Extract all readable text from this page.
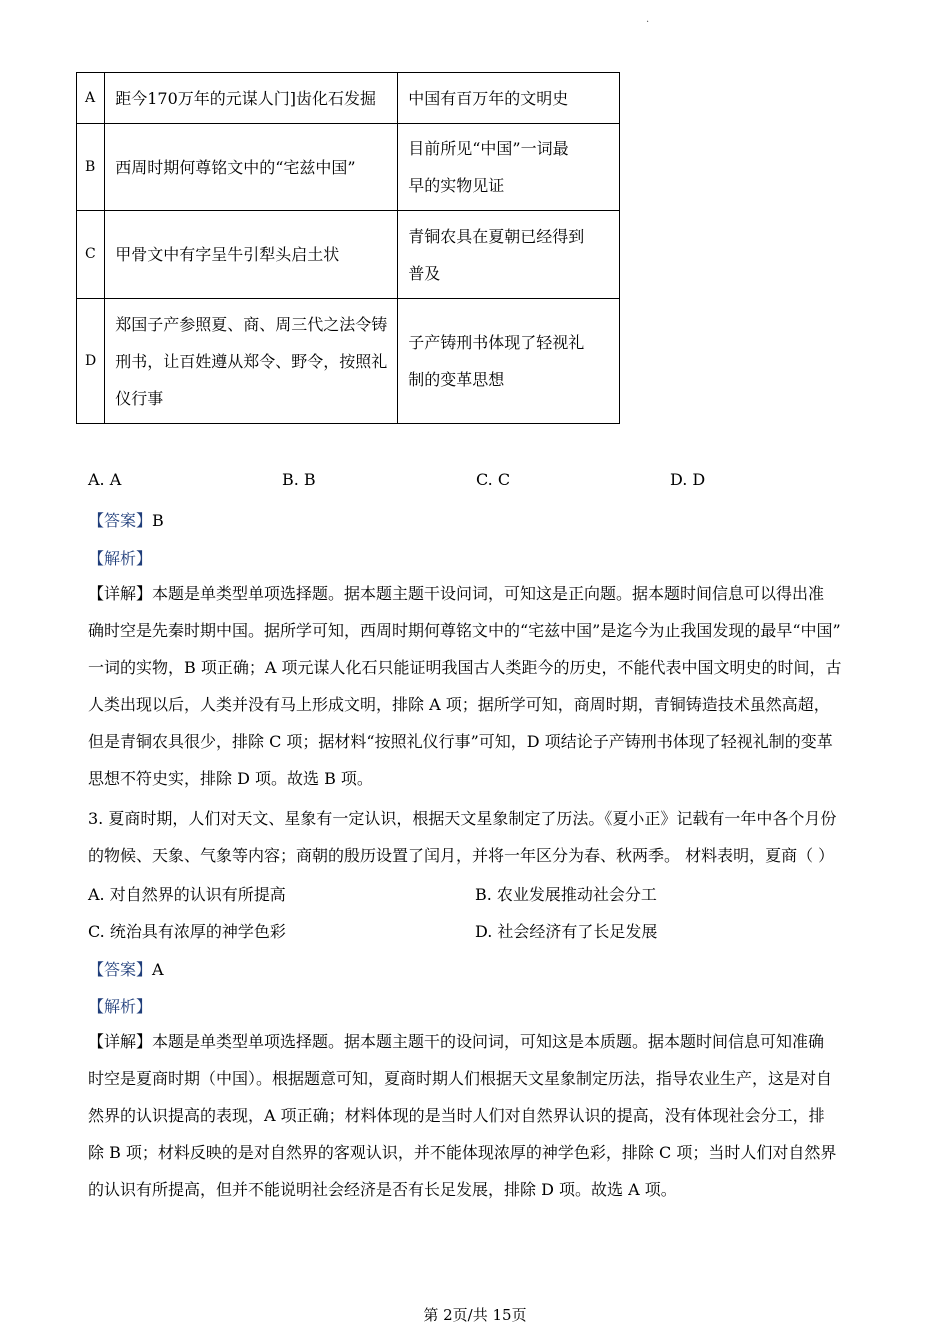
.
A	距今170万年的元谋人门]齿化石发掘	中国有百万年的文明史

B	西周时期何尊铭文中的“宅兹中国”	目前所见“中国”一词最
早的实物见证

C	甲骨文中有字呈牛引犁头启土状	青铜农具在夏朝已经得到
普及

D	郑国子产参照夏、商、周三代之法令铸
刑书，让百姓遵从郑令、野令，按照礼
仪行事	子产铸刑书体现了轻视礼
制的变革思想
A. A	B. B	C. C	D. D
【答案】B
【解析】
【详解】本题是单类型单项选择题。据本题主题干设问词，可知这是正向题。据本题时间信息可以得出准
确时空是先秦时期中国。据所学可知，西周时期何尊铭文中的“宅兹中国”是迄今为止我国发现的最早“中国”
一词的实物，B 项正确；A 项元谋人化石只能证明我国古人类距今的历史，不能代表中国文明史的时间，古
人类出现以后，人类并没有马上形成文明，排除 A 项；据所学可知，商周时期，青铜铸造技术虽然高超，
但是青铜农具很少，排除 C 项；据材料“按照礼仪行事”可知，D 项结论子产铸刑书体现了轻视礼制的变革
思想不符史实，排除 D 项。故选 B 项。
3. 夏商时期，人们对天文、星象有一定认识，根据天文星象制定了历法。《夏小正》记载有一年中各个月份
的物候、天象、气象等内容；商朝的殷历设置了闰月，并将一年区分为春、秋两季。 材料表明，夏商（ ）
A. 对自然界的认识有所提高	B. 农业发展推动社会分工
C. 统治具有浓厚的神学色彩	D. 社会经济有了长足发展
【答案】A
【解析】
【详解】本题是单类型单项选择题。据本题主题干的设问词，可知这是本质题。据本题时间信息可知准确
时空是夏商时期（中国）。根据题意可知，夏商时期人们根据天文星象制定历法，指导农业生产，这是对自
然界的认识提高的表现，A 项正确；材料体现的是当时人们对自然界认识的提高，没有体现社会分工，排
除 B 项；材料反映的是对自然界的客观认识，并不能体现浓厚的神学色彩，排除 C 项；当时人们对自然界
的认识有所提高，但并不能说明社会经济是否有长足发展，排除 D 项。故选 A 项。
第 2页/共 15页
